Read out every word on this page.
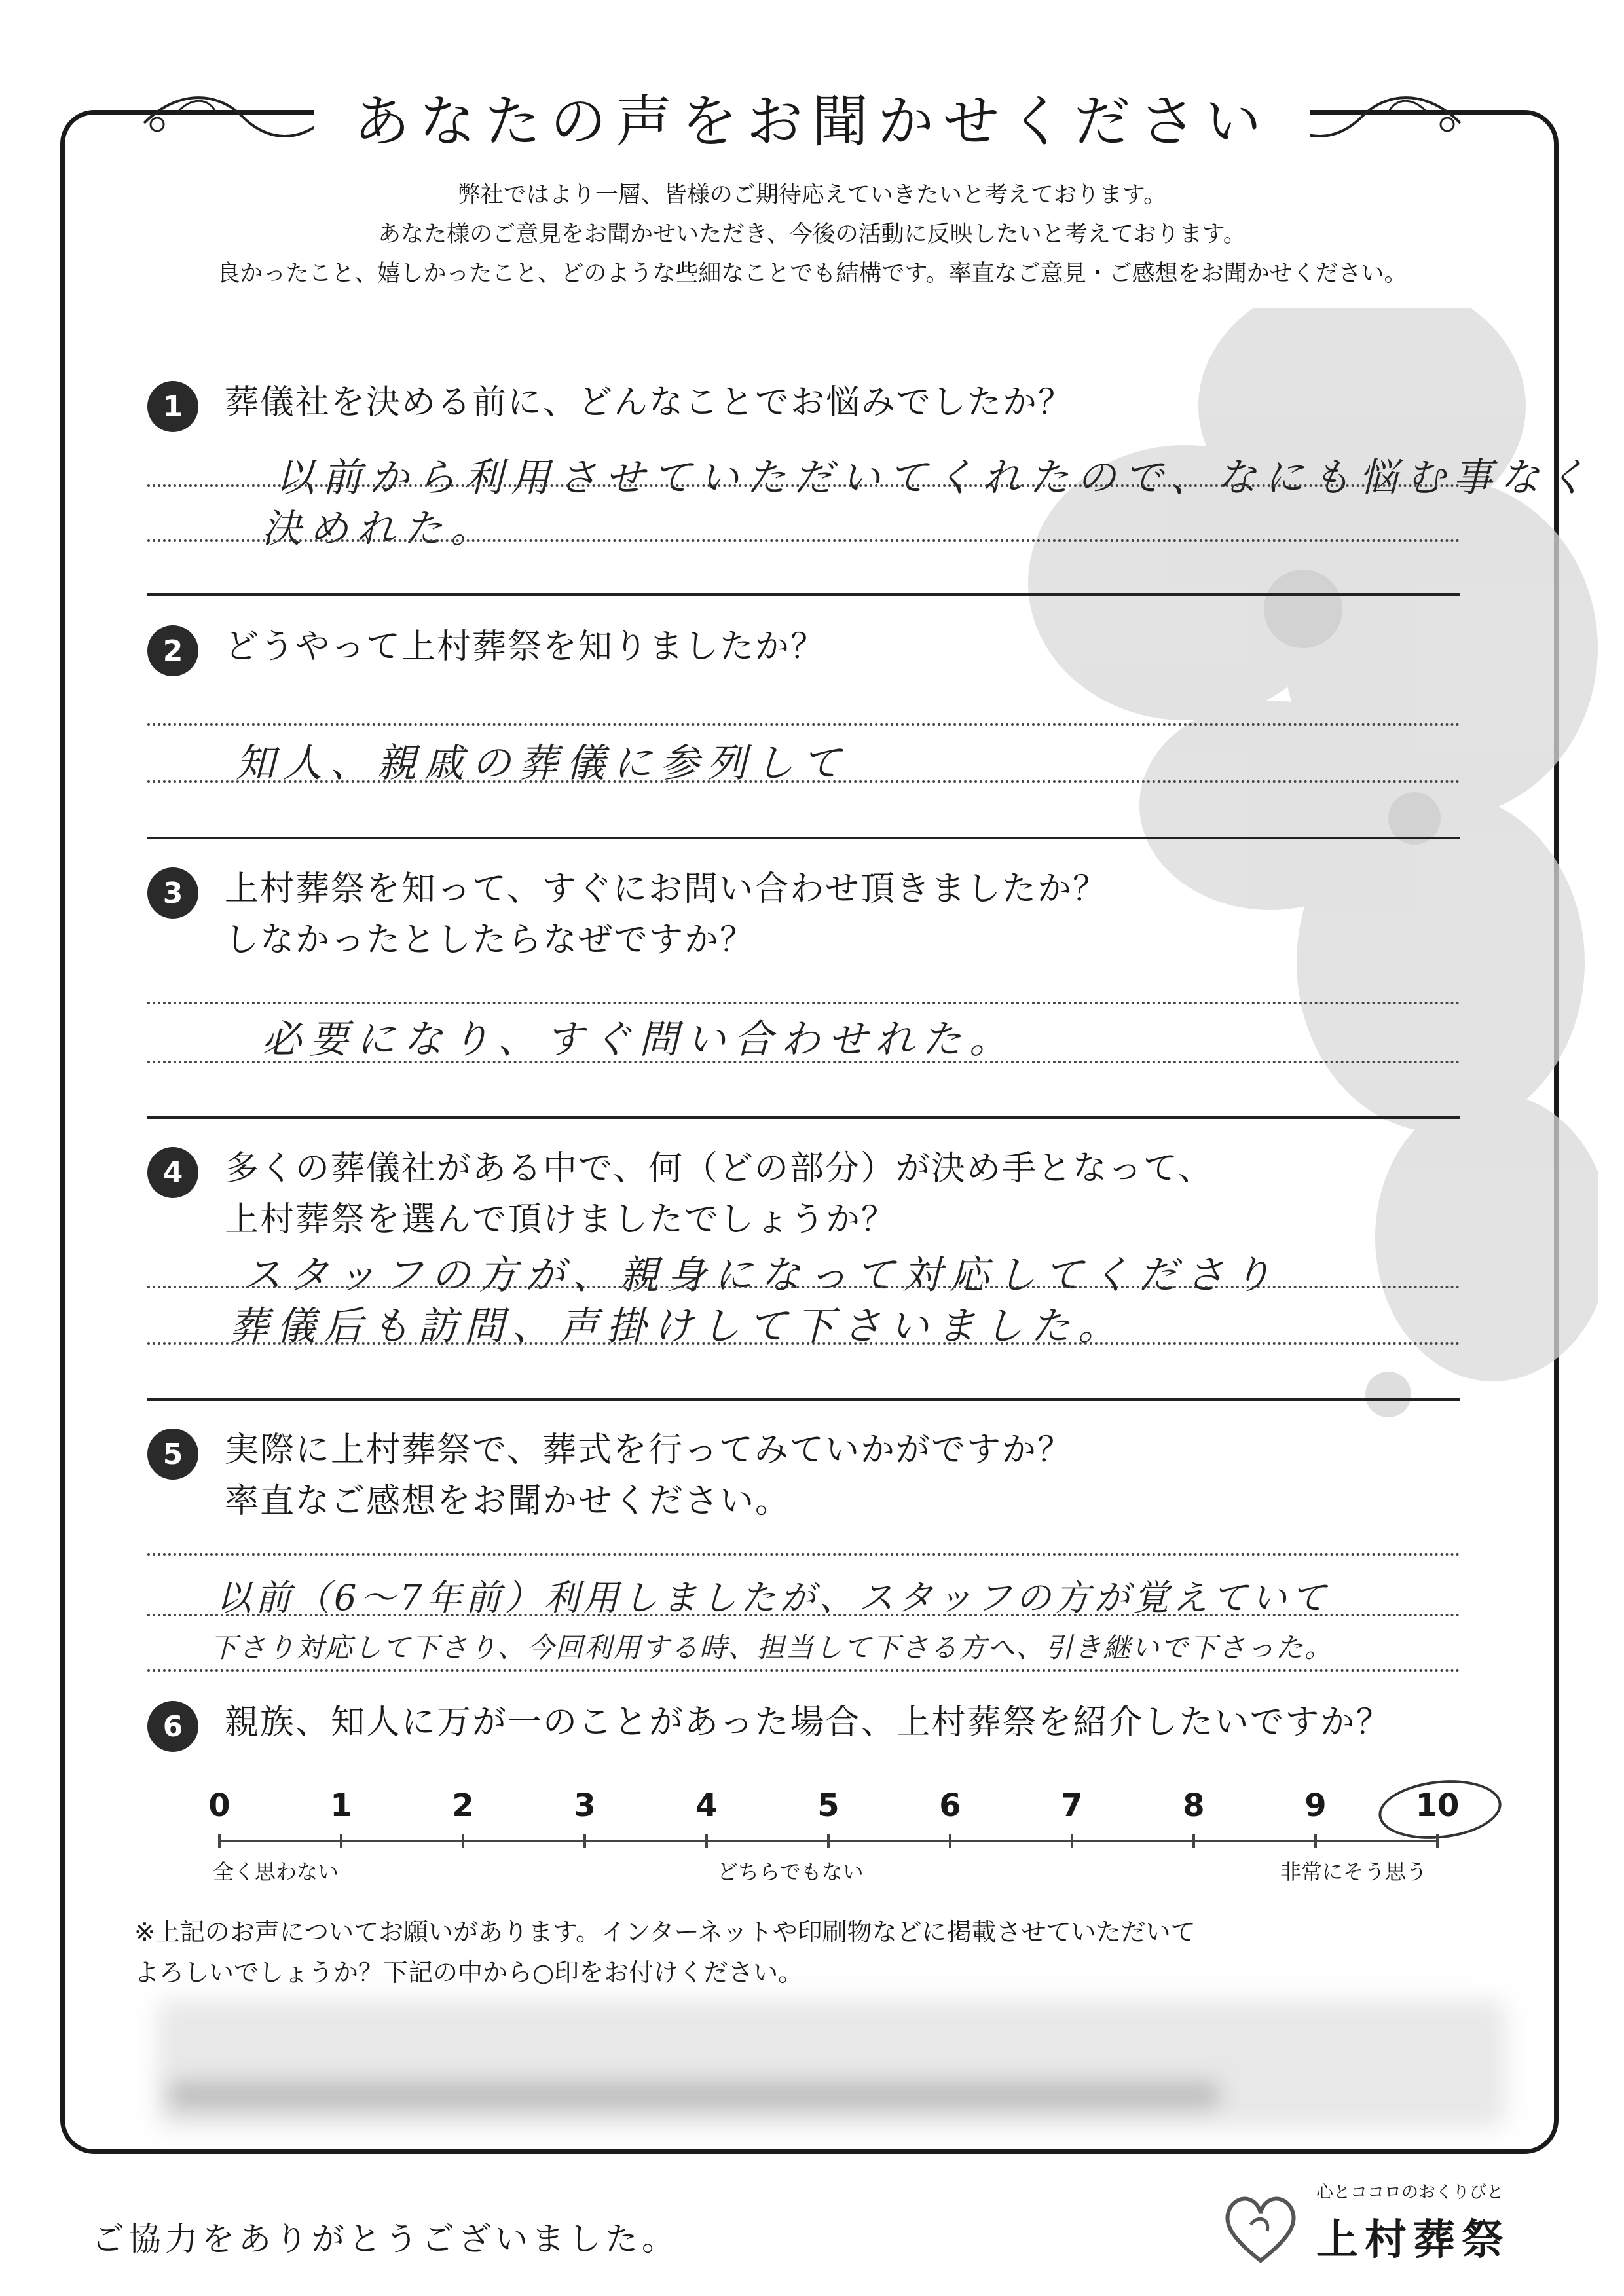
あなたの声をお聞かせください
弊社ではより一層、皆様のご期待応えていきたいと考えております。
あなた様のご意見をお聞かせいただき、今後の活動に反映したいと考えております。
良かったこと、嬉しかったこと、どのような些細なことでも結構です。率直なご意見・ご感想をお聞かせください。
1	葬儀社を決める前に、どんなことでお悩みでしたか？
以前から利用させていただいてくれたので、なにも悩む事なく
決めれた。
2	どうやって上村葬祭を知りましたか？
知人、親戚の葬儀に参列して
3	上村葬祭を知って、すぐにお問い合わせ頂きましたか？
しなかったとしたらなぜですか？
必要になり、すぐ問い合わせれた。
4	多くの葬儀社がある中で、何（どの部分）が決め手となって、
上村葬祭を選んで頂けましたでしょうか？
スタッフの方が、親身になって対応してくださり
葬儀后も訪問、声掛けして下さいました。
5	実際に上村葬祭で、葬式を行ってみていかがですか？
率直なご感想をお聞かせください。
以前（6〜7年前）利用しましたが、スタッフの方が覚えていて
下さり対応して下さり、今回利用する時、担当して下さる方へ、引き継いで下さった。
6	親族、知人に万が一のことがあった場合、上村葬祭を紹介したいですか？
全く思わない	どちらでもない	非常にそう思う
0	1	2	3	4	5	6	7	8	9	10
※上記のお声についてお願いがあります。インターネットや印刷物などに掲載させていただいて
よろしいでしょうか？下記の中から○印をお付けください。
ご協力をありがとうございました。
心とココロのおくりびと
上村葬祭
